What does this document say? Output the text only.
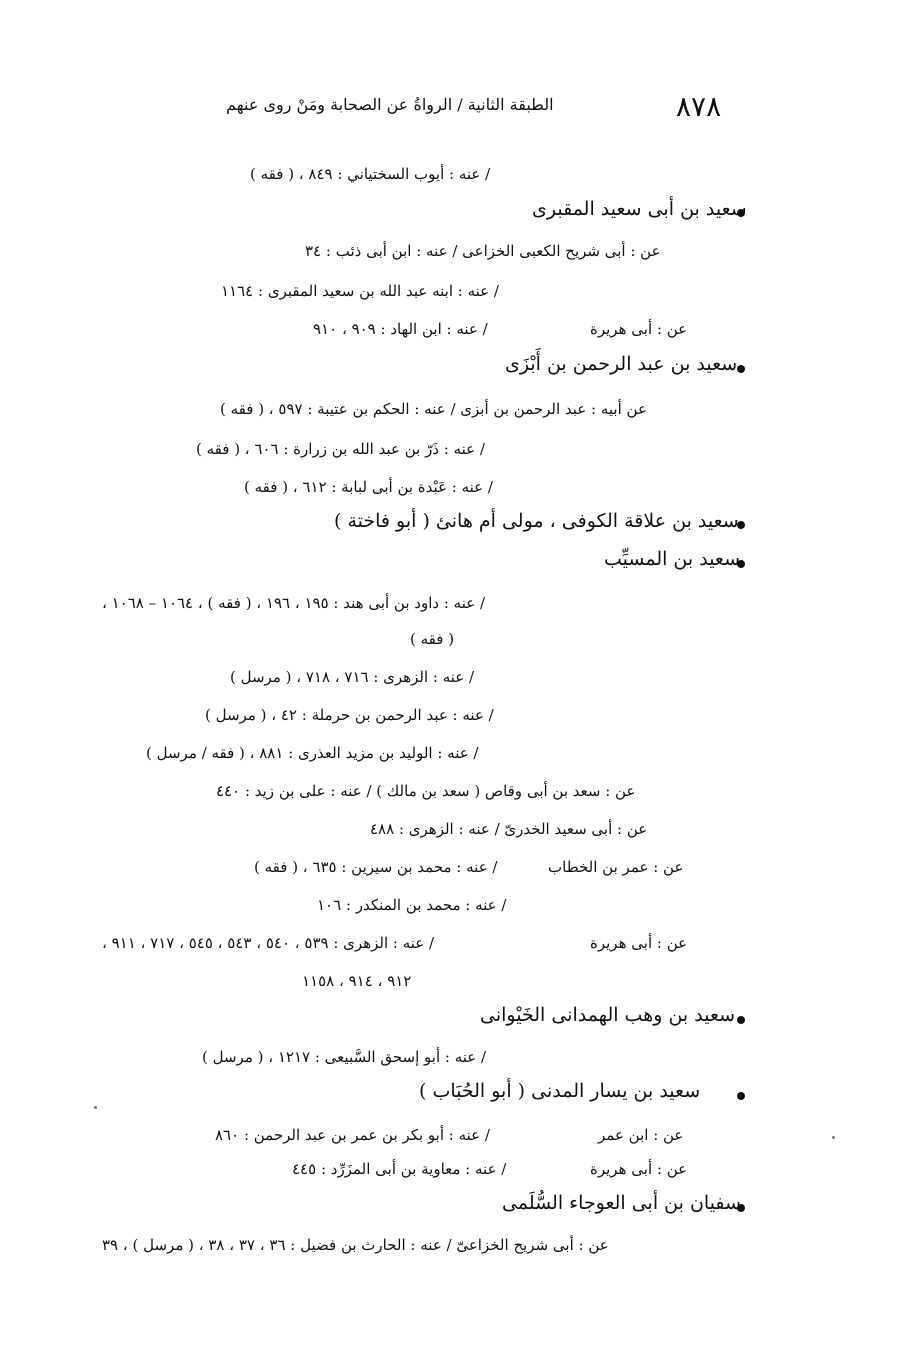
٨٧٨
الطبقة الثانية / الرواةُ عن الصحابة ومَنْ روى عنهم
/ عنه : أيوب السختياني : ٨٤٩ ، ( فقه )
سعيد بن أبى سعيد المقبرى
عن : أبى شريح الكعبى الخزاعى / عنه : ابن أبى ذئب : ٣٤
/ عنه : ابنه عبد الله بن سعيد المقبرى : ١١٦٤
عن : أبى هريرة
/ عنه : ابن الهاد : ٩٠٩ ، ٩١٠
سعيد بن عبد الرحمن بن أَبْزَى
عن أبيه : عبد الرحمن بن أبزى / عنه : الحكم بن عتيبة : ٥٩٧ ، ( فقه )
/ عنه : ذَرّ بن عبد الله بن زرارة : ٦٠٦ ، ( فقه )
/ عنه : عَبْدة بن أبى لبابة : ٦١٢ ، ( فقه )
سعيد بن علاقة الكوفى ، مولى أم هانئ ( أبو فاختة )
سعيد بن المسيِّب
/ عنه : داود بن أبى هند : ١٩٥ ، ١٩٦ ، ( فقه ) ، ١٠٦٤ – ١٠٦٨ ،
( فقه )
/ عنه : الزهرى : ٧١٦ ، ٧١٨ ، ( مرسل )
/ عنه : عبد الرحمن بن حرملة : ٤٢ ، ( مرسل )
/ عنه : الوليد بن مزيد العذرى : ٨٨١ ، ( فقه / مرسل )
عن : سعد بن أبى وقاص ( سعد بن مالك ) / عنه : على بن زيد : ٤٤٠
عن : أبى سعيد الخدرىّ / عنه : الزهرى : ٤٨٨
عن : عمر بن الخطاب
/ عنه : محمد بن سيرين : ٦٣٥ ، ( فقه )
/ عنه : محمد بن المنكدر : ١٠٦
عن : أبى هريرة
/ عنه : الزهرى : ٥٣٩ ، ٥٤٠ ، ٥٤٣ ، ٥٤٥ ، ٧١٧ ، ٩١١ ،
٩١٢ ، ٩١٤ ، ١١٥٨
سعيد بن وهب الهمدانى الخَيْوانى
/ عنه : أبو إسحق السَّبيعى : ١٢١٧ ، ( مرسل )
سعيد بن يسار المدنى ( أبو الحُبَاب )
عن : ابن عمر
/ عنه : أبو بكر بن عمر بن عبد الرحمن : ٨٦٠
عن : أبى هريرة
/ عنه : معاوية بن أبى المزَرِّد : ٤٤٥
سفيان بن أبى العوجاء السُّلَمى
عن : أبى شريح الخزاعىّ / عنه : الحارث بن فضيل : ٣٦ ، ٣٧ ، ٣٨ ، ( مرسل ) ، ٣٩
